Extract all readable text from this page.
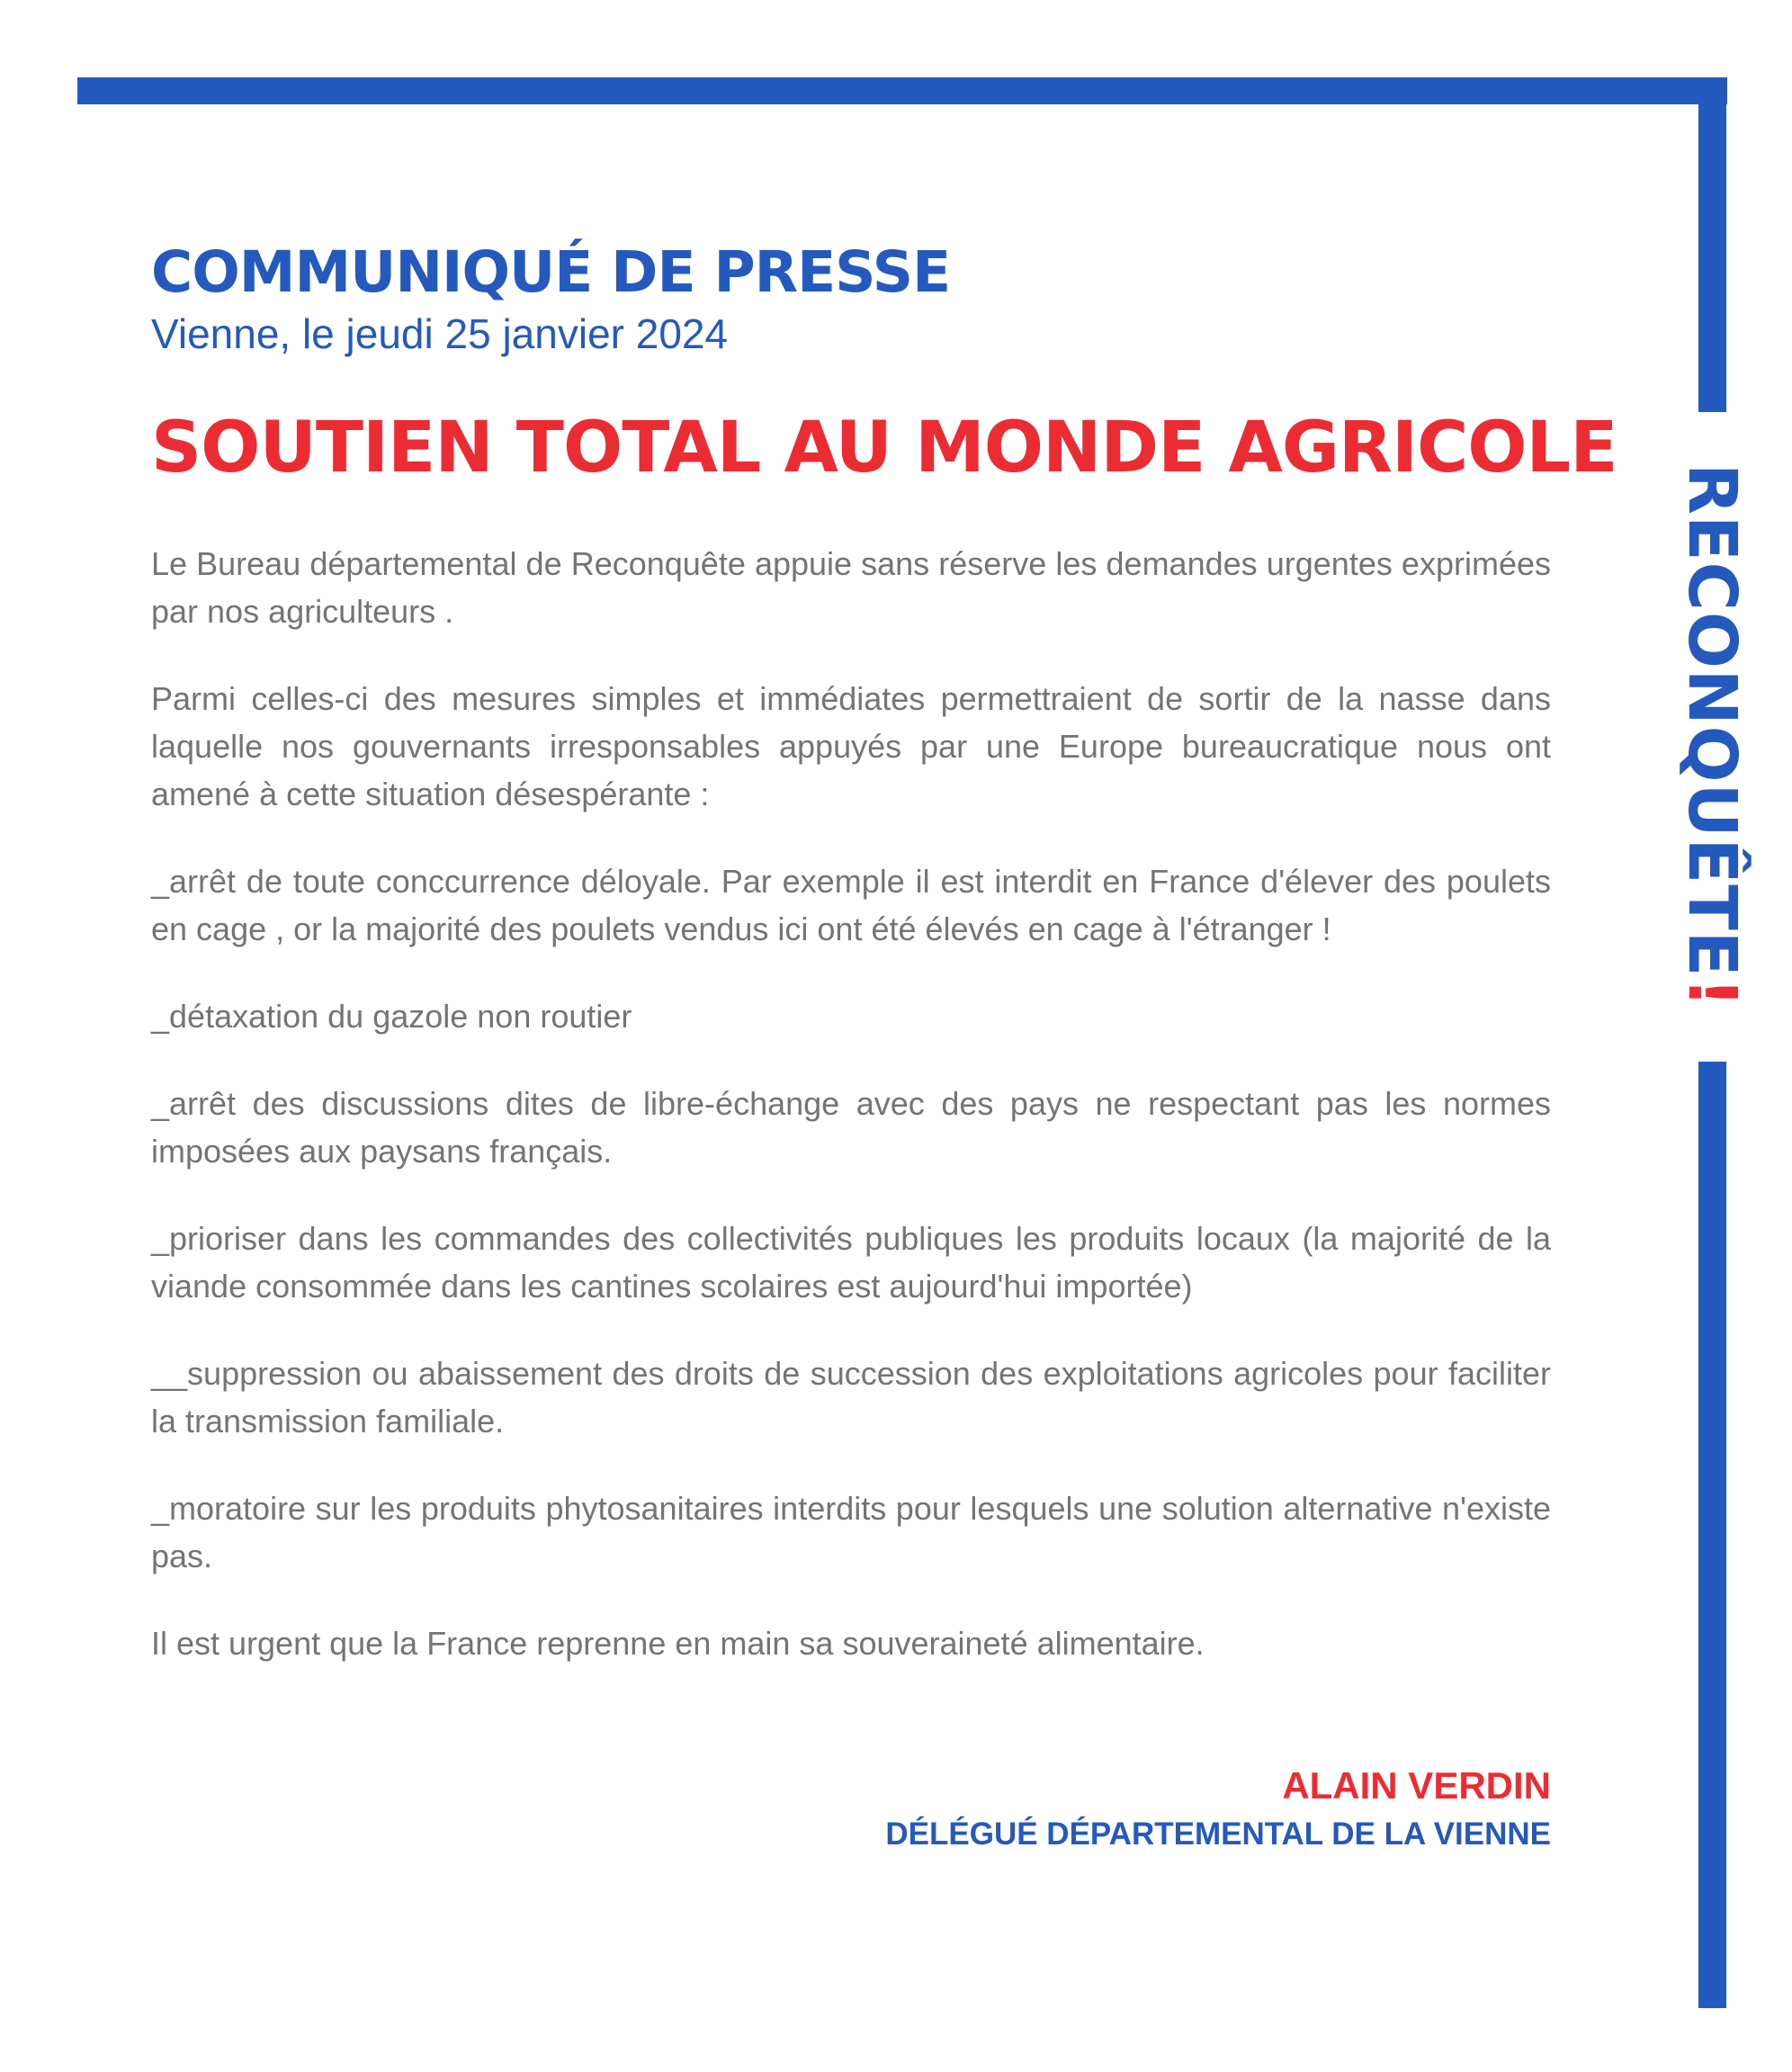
RECONQUÊTE!
COMMUNIQUÉ DE PRESSE
Vienne, le jeudi 25 janvier 2024
SOUTIEN TOTAL AU MONDE AGRICOLE

Le Bureau départemental de Reconquête appuie sans réserve les demandes urgentes exprimées par nos agriculteurs .

Parmi celles-ci des mesures simples et immédiates permettraient de sortir de la nasse dans laquelle nos gouvernants irresponsables appuyés par une Europe bureaucratique nous ont amené à cette situation désespérante :

_arrêt de toute conccurrence déloyale. Par exemple il est interdit en France d'élever des poulets en cage , or la majorité des poulets vendus ici ont été élevés en cage à l'étranger !

_détaxation du gazole non routier

_arrêt des discussions dites de libre-échange avec des pays ne respectant pas les normes imposées aux paysans français.

_prioriser dans les commandes des collectivités publiques les produits locaux (la majorité de la viande consommée dans les cantines scolaires est aujourd'hui importée)

__suppression ou abaissement des droits de succession des exploitations agricoles pour faciliter la transmission familiale.

_moratoire sur les produits phytosanitaires interdits pour lesquels une solution alternative n'existe pas.

Il est urgent que la France reprenne en main sa souveraineté alimentaire.

ALAIN VERDIN
DÉLÉGUÉ DÉPARTEMENTAL DE LA VIENNE
